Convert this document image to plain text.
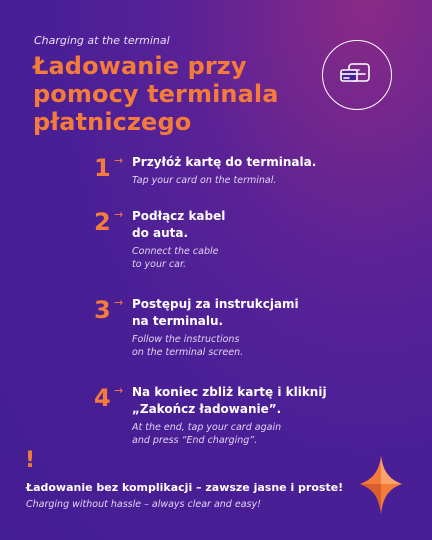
Charging at the terminal
Ładowanie przy
pomocy terminala
płatniczego
1 → Przyłóż kartę do terminala.
Tap your card on the terminal.
2 → Podłącz kabel
do auta.
Connect the cable
to your car.
3 → Postępuj za instrukcjami
na terminalu.
Follow the instructions
on the terminal screen.
4 → Na koniec zbliż kartę i kliknij
„Zakończ ładowanie”.
At the end, tap your card again
and press “End charging”.
!
Ładowanie bez komplikacji – zawsze jasne i proste!
Charging without hassle – always clear and easy!
